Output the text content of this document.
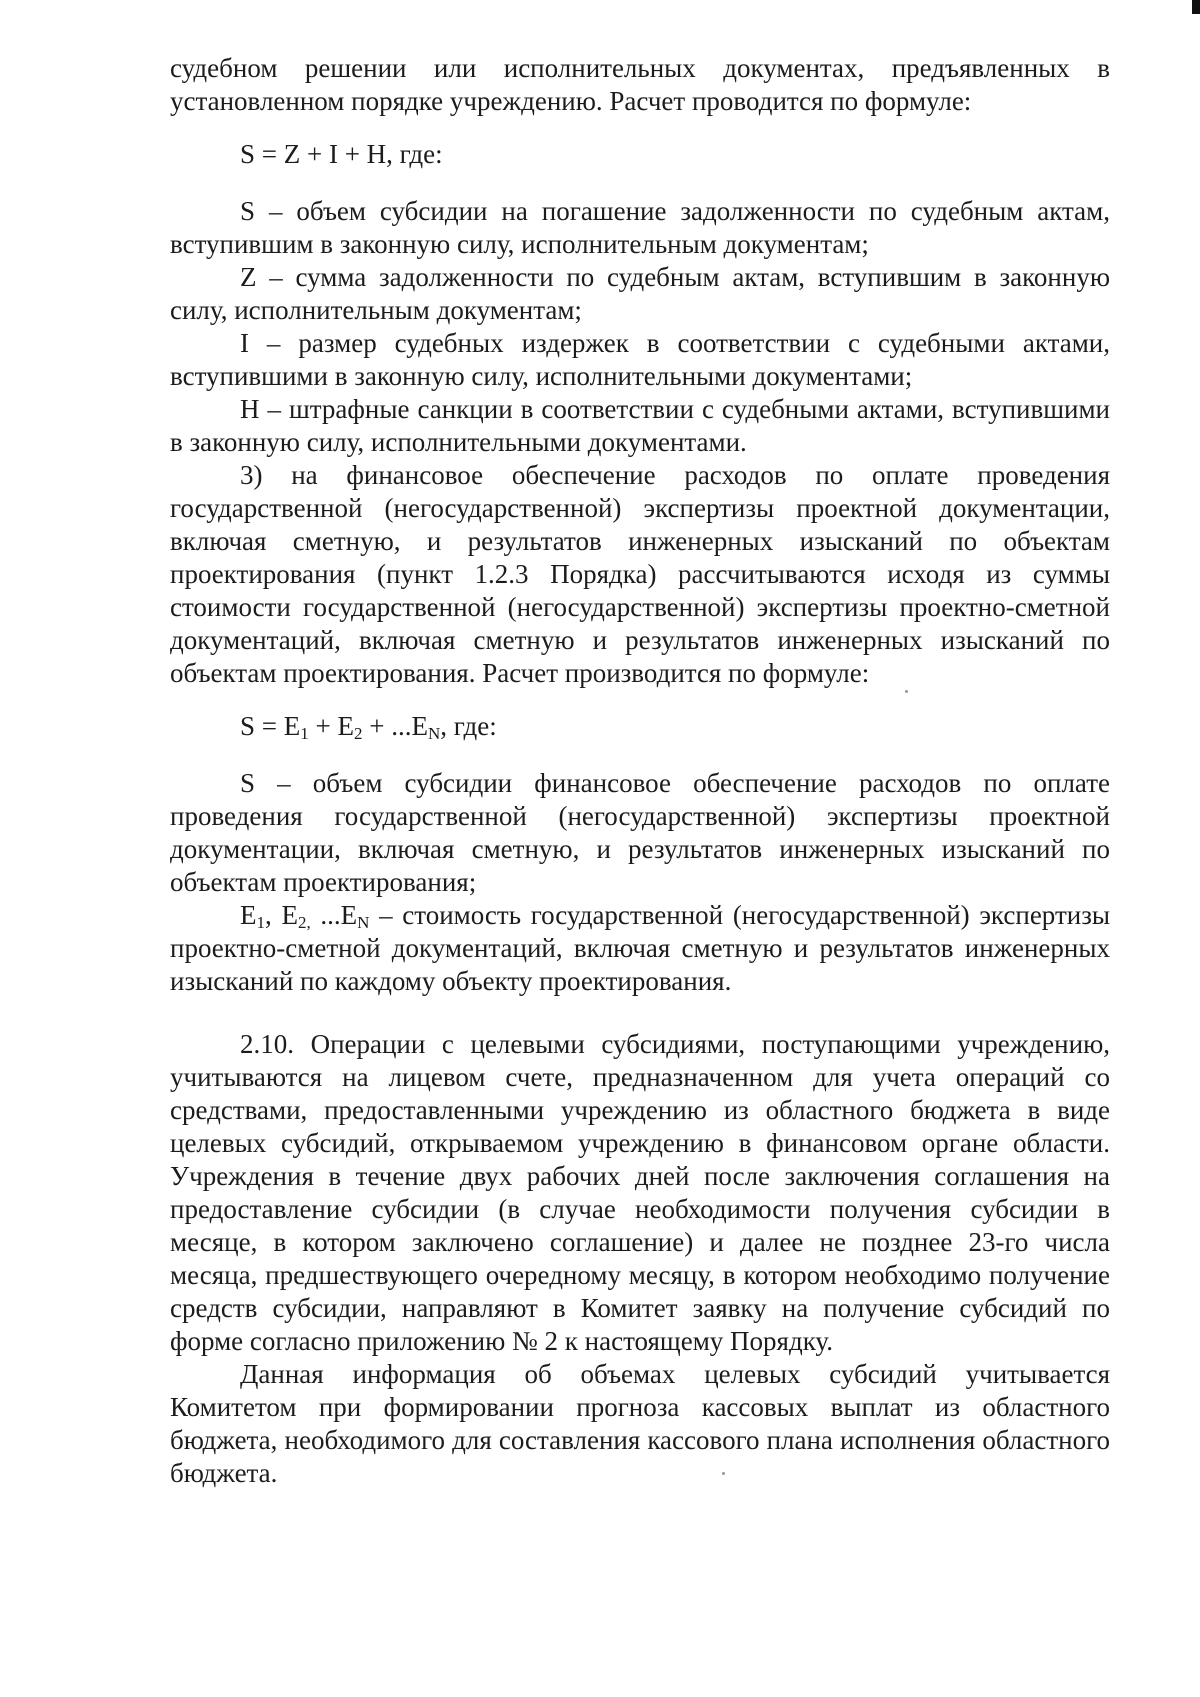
судебном решении или исполнительных документах, предъявленных в установленном порядке учреждению. Расчет проводится по формуле:

S = Z + I + H, где:

S – объем субсидии на погашение задолженности по судебным актам, вступившим в законную силу, исполнительным документам;

Z – сумма задолженности по судебным актам, вступившим в законную силу, исполнительным документам;

I – размер судебных издержек в соответствии с судебными актами, вступившими в законную силу, исполнительными документами;

H – штрафные санкции в соответствии с судебными актами, вступившими в законную силу, исполнительными документами.

3) на финансовое обеспечение расходов по оплате проведения государственной (негосударственной) экспертизы проектной документации, включая сметную, и результатов инженерных изысканий по объектам проектирования (пункт 1.2.3 Порядка) рассчитываются исходя из суммы стоимости государственной (негосударственной) экспертизы проектно-сметной документаций, включая сметную и результатов инженерных изысканий по объектам проектирования. Расчет производится по формуле:

$S = E_1 + E_2 + ...E_N$, где:

S – объем субсидии финансовое обеспечение расходов по оплате проведения государственной (негосударственной) экспертизы проектной документации, включая сметную, и результатов инженерных изысканий по объектам проектирования;

$E_1$, $E_{2,}$ $...E_N$ – стоимость государственной (негосударственной) экспертизы проектно-сметной документаций, включая сметную и результатов инженерных изысканий по каждому объекту проектирования.

2.10. Операции с целевыми субсидиями, поступающими учреждению, учитываются на лицевом счете, предназначенном для учета операций со средствами, предоставленными учреждению из областного бюджета в виде целевых субсидий, открываемом учреждению в финансовом органе области. Учреждения в течение двух рабочих дней после заключения соглашения на предоставление субсидии (в случае необходимости получения субсидии в месяце, в котором заключено соглашение) и далее не позднее 23-го числа месяца, предшествующего очередному месяцу, в котором необходимо получение средств субсидии, направляют в Комитет заявку на получение субсидий по форме согласно приложению № 2 к настоящему Порядку.

Данная информация об объемах целевых субсидий учитывается Комитетом при формировании прогноза кассовых выплат из областного бюджета, необходимого для составления кассового плана исполнения областного бюджета.
